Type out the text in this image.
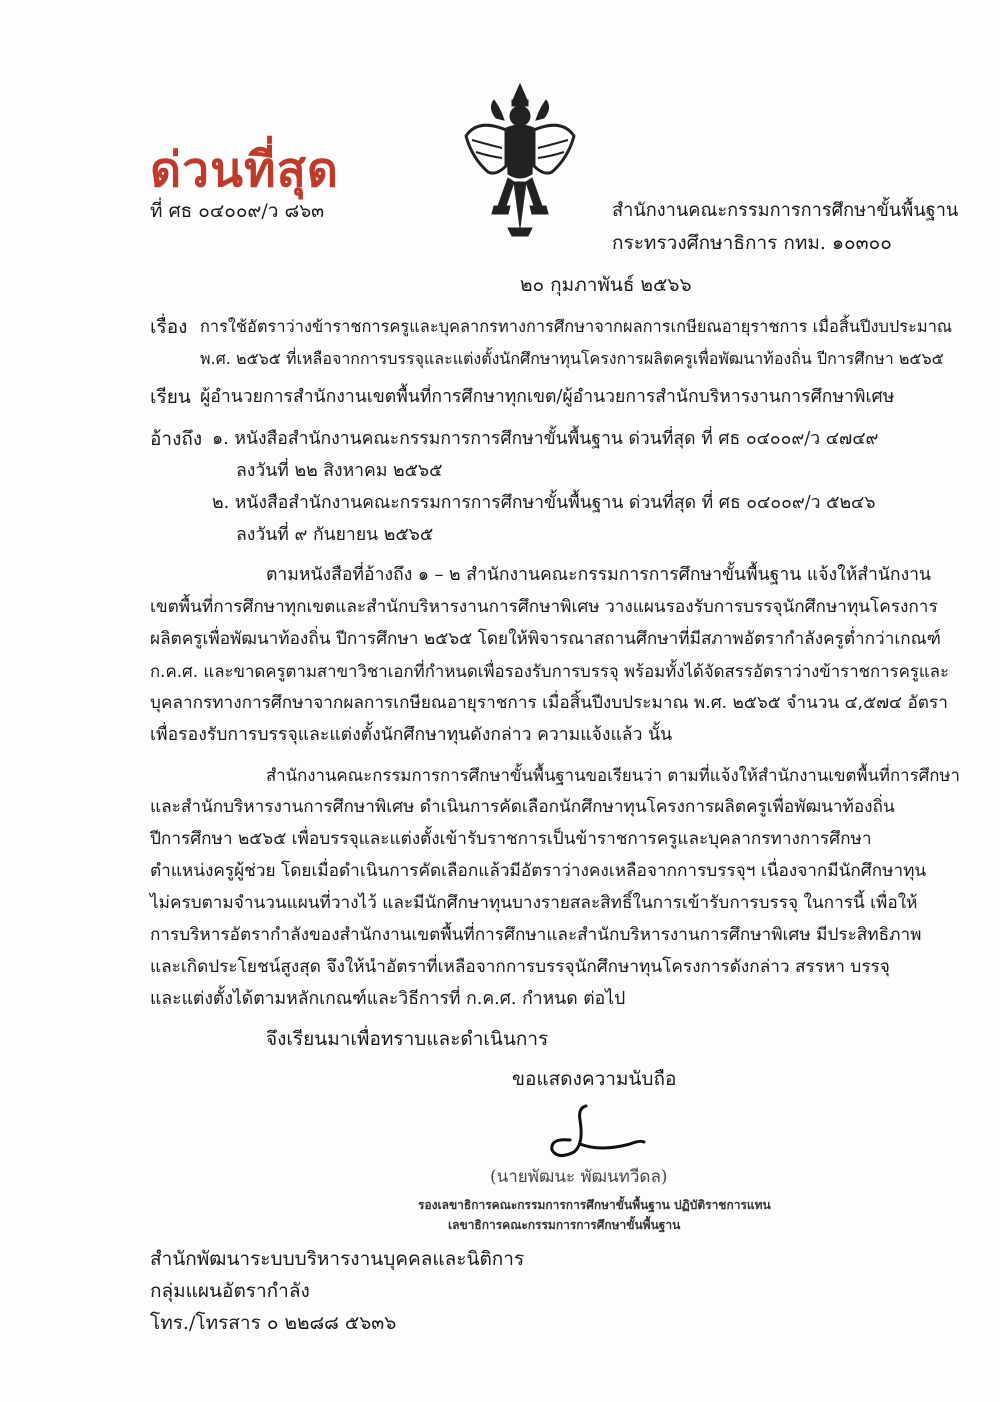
ด่วนที่สุด
ที่ ศธ ๐๔๐๐๙/ว ๘๖๓	สำนักงานคณะกรรมการการศึกษาขั้นพื้นฐาน
กระทรวงศึกษาธิการ กทม. ๑๐๓๐๐
๒๐ กุมภาพันธ์ ๒๕๖๖
เรื่อง การใช้อัตราว่างข้าราชการครูและบุคลากรทางการศึกษาจากผลการเกษียณอายุราชการ เมื่อสิ้นปีงบประมาณ
พ.ศ. ๒๕๖๕ ที่เหลือจากการบรรจุและแต่งตั้งนักศึกษาทุนโครงการผลิตครูเพื่อพัฒนาท้องถิ่น ปีการศึกษา ๒๕๖๕
เรียน ผู้อำนวยการสำนักงานเขตพื้นที่การศึกษาทุกเขต/ผู้อำนวยการสำนักบริหารงานการศึกษาพิเศษ
อ้างถึง ๑. หนังสือสำนักงานคณะกรรมการการศึกษาขั้นพื้นฐาน ด่วนที่สุด ที่ ศธ ๐๔๐๐๙/ว ๔๗๔๙
ลงวันที่ ๒๒ สิงหาคม ๒๕๖๕
๒. หนังสือสำนักงานคณะกรรมการการศึกษาขั้นพื้นฐาน ด่วนที่สุด ที่ ศธ ๐๔๐๐๙/ว ๕๒๔๖
ลงวันที่ ๙ กันยายน ๒๕๖๕
ตามหนังสือที่อ้างถึง ๑ – ๒ สำนักงานคณะกรรมการการศึกษาขั้นพื้นฐาน แจ้งให้สำนักงาน
เขตพื้นที่การศึกษาทุกเขตและสำนักบริหารงานการศึกษาพิเศษ วางแผนรองรับการบรรจุนักศึกษาทุนโครงการ
ผลิตครูเพื่อพัฒนาท้องถิ่น ปีการศึกษา ๒๕๖๕ โดยให้พิจารณาสถานศึกษาที่มีสภาพอัตรากำลังครูต่ำกว่าเกณฑ์
ก.ค.ศ. และขาดครูตามสาขาวิชาเอกที่กำหนดเพื่อรองรับการบรรจุ พร้อมทั้งได้จัดสรรอัตราว่างข้าราชการครูและ
บุคลากรทางการศึกษาจากผลการเกษียณอายุราชการ เมื่อสิ้นปีงบประมาณ พ.ศ. ๒๕๖๕ จำนวน ๔,๕๗๔ อัตรา
เพื่อรองรับการบรรจุและแต่งตั้งนักศึกษาทุนดังกล่าว ความแจ้งแล้ว นั้น
สำนักงานคณะกรรมการการศึกษาขั้นพื้นฐานขอเรียนว่า ตามที่แจ้งให้สำนักงานเขตพื้นที่การศึกษา
และสำนักบริหารงานการศึกษาพิเศษ ดำเนินการคัดเลือกนักศึกษาทุนโครงการผลิตครูเพื่อพัฒนาท้องถิ่น
ปีการศึกษา ๒๕๖๕ เพื่อบรรจุและแต่งตั้งเข้ารับราชการเป็นข้าราชการครูและบุคลากรทางการศึกษา
ตำแหน่งครูผู้ช่วย โดยเมื่อดำเนินการคัดเลือกแล้วมีอัตราว่างคงเหลือจากการบรรจุฯ เนื่องจากมีนักศึกษาทุน
ไม่ครบตามจำนวนแผนที่วางไว้ และมีนักศึกษาทุนบางรายสละสิทธิ์ในการเข้ารับการบรรจุ ในการนี้ เพื่อให้
การบริหารอัตรากำลังของสำนักงานเขตพื้นที่การศึกษาและสำนักบริหารงานการศึกษาพิเศษ มีประสิทธิภาพ
และเกิดประโยชน์สูงสุด จึงให้นำอัตราที่เหลือจากการบรรจุนักศึกษาทุนโครงการดังกล่าว สรรหา บรรจุ
และแต่งตั้งได้ตามหลักเกณฑ์และวิธีการที่ ก.ค.ศ. กำหนด ต่อไป
จึงเรียนมาเพื่อทราบและดำเนินการ
ขอแสดงความนับถือ
(นายพัฒนะ พัฒนทวีดล)
รองเลขาธิการคณะกรรมการการศึกษาขั้นพื้นฐาน ปฏิบัติราชการแทน
เลขาธิการคณะกรรมการการศึกษาขั้นพื้นฐาน
สำนักพัฒนาระบบบริหารงานบุคคลและนิติการ
กลุ่มแผนอัตรากำลัง
โทร./โทรสาร ๐ ๒๒๘๘ ๕๖๓๖
